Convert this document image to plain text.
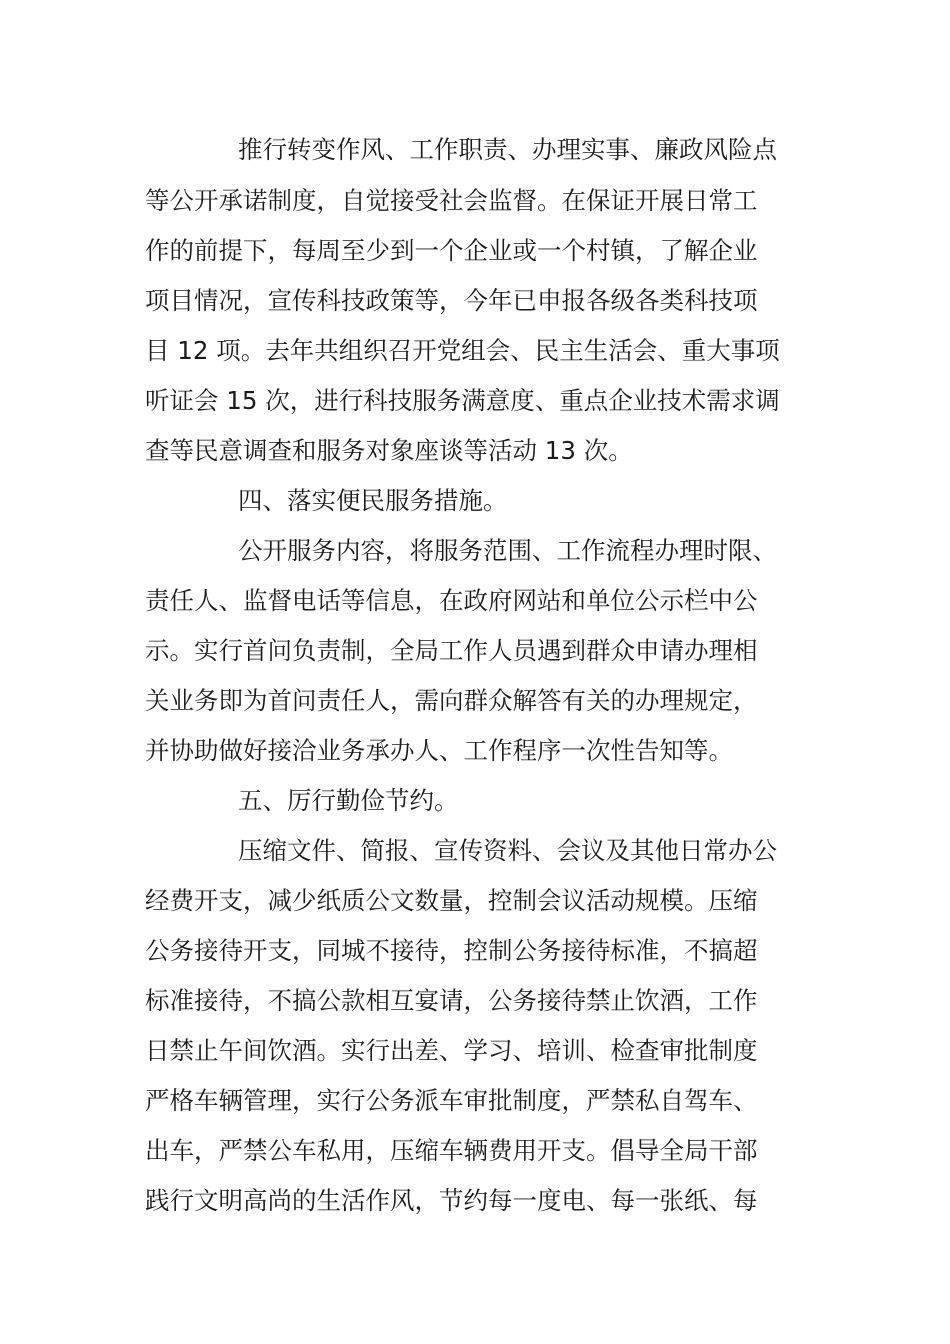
推行转变作风、工作职责、办理实事、廉政风险点
等公开承诺制度，自觉接受社会监督。在保证开展日常工
作的前提下，每周至少到一个企业或一个村镇，了解企业
项目情况，宣传科技政策等，今年已申报各级各类科技项
目 12 项。去年共组织召开党组会、民主生活会、重大事项
听证会 15 次，进行科技服务满意度、重点企业技术需求调
查等民意调查和服务对象座谈等活动 13 次。
四、落实便民服务措施。
公开服务内容，将服务范围、工作流程办理时限、
责任人、监督电话等信息，在政府网站和单位公示栏中公
示。实行首问负责制，全局工作人员遇到群众申请办理相
关业务即为首问责任人，需向群众解答有关的办理规定，
并协助做好接洽业务承办人、工作程序一次性告知等。
五、厉行勤俭节约。
压缩文件、简报、宣传资料、会议及其他日常办公
经费开支，减少纸质公文数量，控制会议活动规模。压缩
公务接待开支，同城不接待，控制公务接待标准，不搞超
标准接待，不搞公款相互宴请，公务接待禁止饮酒，工作
日禁止午间饮酒。实行出差、学习、培训、检查审批制度
严格车辆管理，实行公务派车审批制度，严禁私自驾车、
出车，严禁公车私用，压缩车辆费用开支。倡导全局干部
践行文明高尚的生活作风，节约每一度电、每一张纸、每
